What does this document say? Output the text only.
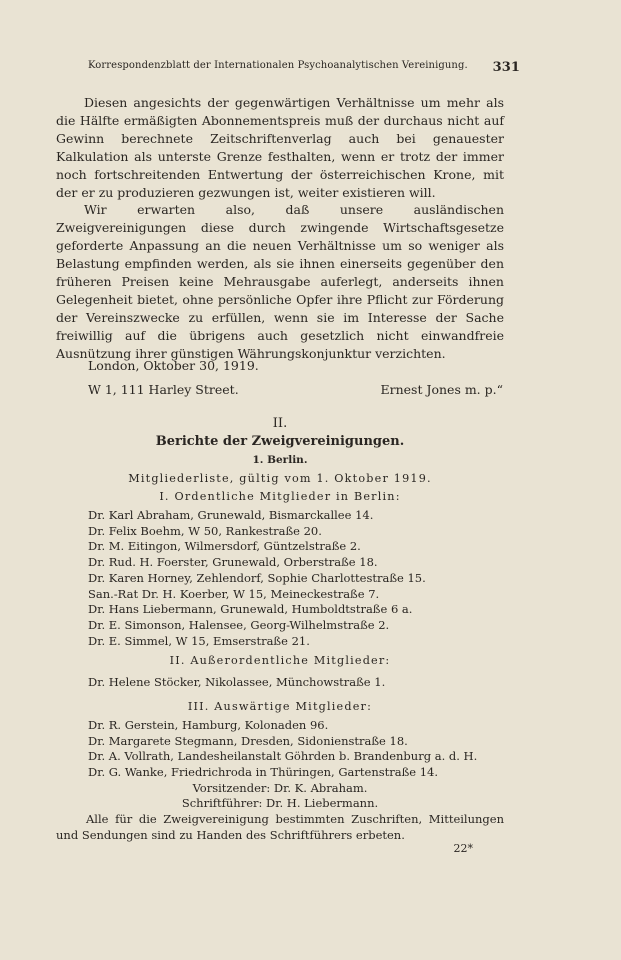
Korrespondenzblatt der Internationalen Psychoanalytischen Vereinigung. 331

Diesen angesichts der gegenwärtigen Verhältnisse um mehr als die Hälfte ermäßigten Abonnementspreis muß der durchaus nicht auf Gewinn berechnete Zeitschriftenverlag auch bei genauester Kalkulation als unterste Grenze festhalten, wenn er trotz der immer noch fortschreitenden Entwertung der österreichischen Krone, mit der er zu produzieren gezwungen ist, weiter existieren will.

Wir erwarten also, daß unsere ausländischen Zweigvereinigungen diese durch zwingende Wirtschaftsgesetze geforderte Anpassung an die neuen Verhältnisse um so weniger als Belastung empfinden werden, als sie ihnen einerseits gegenüber den früheren Preisen keine Mehrausgabe auferlegt, anderseits ihnen Gelegenheit bietet, ohne persönliche Opfer ihre Pflicht zur Förderung der Vereinszwecke zu erfüllen, wenn sie im Interesse der Sache freiwillig auf die übrigens auch gesetzlich nicht einwandfreie Ausnützung ihrer günstigen Währungskonjunktur verzichten.

London, Oktober 30, 1919.
W 1, 111 Harley Street.	Ernest Jones m. p.“
II.
Berichte der Zweigvereinigungen.
1. Berlin.
Mitgliederliste, gültig vom 1. Oktober 1919.
I. Ordentliche Mitglieder in Berlin:
Dr. Karl Abraham, Grunewald, Bismarckallee 14.
Dr. Felix Boehm, W 50, Rankestraße 20.
Dr. M. Eitingon, Wilmersdorf, Güntzelstraße 2.
Dr. Rud. H. Foerster, Grunewald, Orberstraße 18.
Dr. Karen Horney, Zehlendorf, Sophie Charlottestraße 15.
San.-Rat Dr. H. Koerber, W 15, Meineckestraße 7.
Dr. Hans Liebermann, Grunewald, Humboldtstraße 6 a.
Dr. E. Simonson, Halensee, Georg-Wilhelmstraße 2.
Dr. E. Simmel, W 15, Emserstraße 21.
II. Außerordentliche Mitglieder:
Dr. Helene Stöcker, Nikolassee, Münchowstraße 1.
III. Auswärtige Mitglieder:
Dr. R. Gerstein, Hamburg, Kolonaden 96.
Dr. Margarete Stegmann, Dresden, Sidonienstraße 18.
Dr. A. Vollrath, Landesheilanstalt Göhrden b. Brandenburg a. d. H.
Dr. G. Wanke, Friedrichroda in Thüringen, Gartenstraße 14.
Vorsitzender: Dr. K. Abraham.
Schriftführer: Dr. H. Liebermann.

Alle für die Zweigvereinigung bestimmten Zuschriften, Mitteilungen und Sendungen sind zu Handen des Schriftführers erbeten.

22*
